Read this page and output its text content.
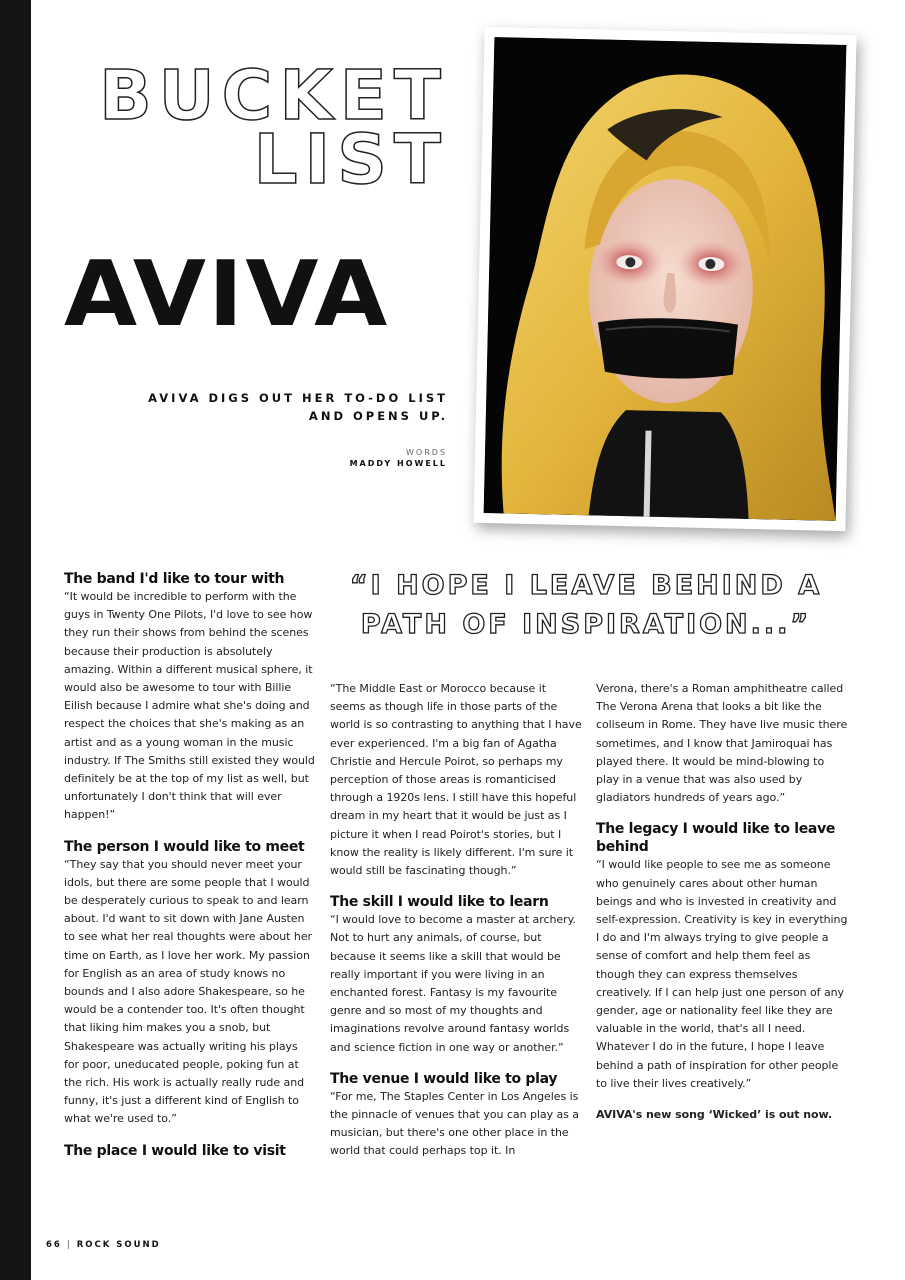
BUCKET
LIST
AVIVA

AVIVA DIGS OUT HER TO-DO LIST AND OPENS UP.

WORDS
MADDY HOWELL

“I HOPE I LEAVE BEHIND A PATH OF INSPIRATION...”

The band I'd like to tour with

“It would be incredible to perform with the guys in Twenty One Pilots, I'd love to see how they run their shows from behind the scenes because their production is absolutely amazing. Within a different musical sphere, it would also be awesome to tour with Billie Eilish because I admire what she's doing and respect the choices that she's making as an artist and as a young woman in the music industry. If The Smiths still existed they would definitely be at the top of my list as well, but unfortunately I don't think that will ever happen!”

The person I would like to meet

“They say that you should never meet your idols, but there are some people that I would be desperately curious to speak to and learn about. I'd want to sit down with Jane Austen to see what her real thoughts were about her time on Earth, as I love her work. My passion for English as an area of study knows no bounds and I also adore Shakespeare, so he would be a contender too. It's often thought that liking him makes you a snob, but Shakespeare was actually writing his plays for poor, uneducated people, poking fun at the rich. His work is actually really rude and funny, it's just a different kind of English to what we're used to.”

The place I would like to visit

“The Middle East or Morocco because it seems as though life in those parts of the world is so contrasting to anything that I have ever experienced. I'm a big fan of Agatha Christie and Hercule Poirot, so perhaps my perception of those areas is romanticised through a 1920s lens. I still have this hopeful dream in my heart that it would be just as I picture it when I read Poirot's stories, but I know the reality is likely different. I'm sure it would still be fascinating though.”

The skill I would like to learn

“I would love to become a master at archery. Not to hurt any animals, of course, but because it seems like a skill that would be really important if you were living in an enchanted forest. Fantasy is my favourite genre and so most of my thoughts and imaginations revolve around fantasy worlds and science fiction in one way or another.”

The venue I would like to play

“For me, The Staples Center in Los Angeles is the pinnacle of venues that you can play as a musician, but there's one other place in the world that could perhaps top it. In

Verona, there's a Roman amphitheatre called The Verona Arena that looks a bit like the coliseum in Rome. They have live music there sometimes, and I know that Jamiroquai has played there. It would be mind-blowing to play in a venue that was also used by gladiators hundreds of years ago.”

The legacy I would like to leave behind

“I would like people to see me as someone who genuinely cares about other human beings and who is invested in creativity and self-expression. Creativity is key in everything I do and I'm always trying to give people a sense of comfort and help them feel as though they can express themselves creatively. If I can help just one person of any gender, age or nationality feel like they are valuable in the world, that's all I need. Whatever I do in the future, I hope I leave behind a path of inspiration for other people to live their lives creatively.”

AVIVA's new song ‘Wicked’ is out now.

66 | ROCK SOUND
